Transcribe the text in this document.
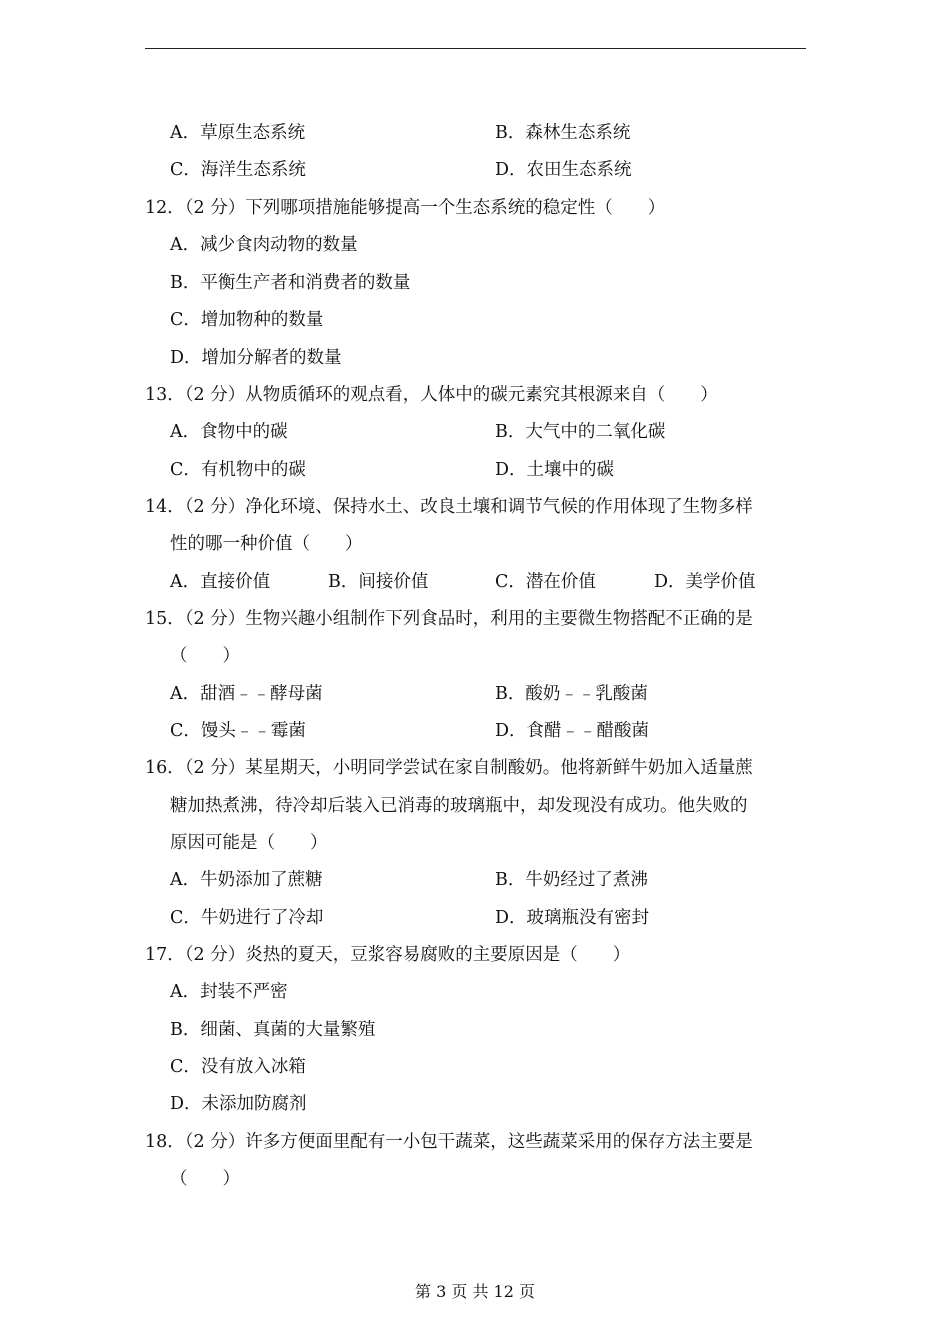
A．草原生态系统	B．森林生态系统
C．海洋生态系统	D．农田生态系统
12．（2 分）下列哪项措施能够提高一个生态系统的稳定性（　　）
A．减少食肉动物的数量
B．平衡生产者和消费者的数量
C．增加物种的数量
D．增加分解者的数量
13．（2 分）从物质循环的观点看，人体中的碳元素究其根源来自（　　）
A．食物中的碳	B．大气中的二氧化碳
C．有机物中的碳	D．土壤中的碳
14．（2 分）净化环境、保持水土、改良土壤和调节气候的作用体现了生物多样
性的哪一种价值（　　）
A．直接价值	B．间接价值	C．潜在价值	D．美学价值
15．（2 分）生物兴趣小组制作下列食品时，利用的主要微生物搭配不正确的是
（　　）
A．甜酒﹣﹣酵母菌	B．酸奶﹣﹣乳酸菌
C．馒头﹣﹣霉菌	D．食醋﹣﹣醋酸菌
16．（2 分）某星期天，小明同学尝试在家自制酸奶。他将新鲜牛奶加入适量蔗
糖加热煮沸，待冷却后装入已消毒的玻璃瓶中，却发现没有成功。他失败的
原因可能是（　　）
A．牛奶添加了蔗糖	B．牛奶经过了煮沸
C．牛奶进行了冷却	D．玻璃瓶没有密封
17．（2 分）炎热的夏天，豆浆容易腐败的主要原因是（　　）
A．封装不严密
B．细菌、真菌的大量繁殖
C．没有放入冰箱
D．未添加防腐剂
18．（2 分）许多方便面里配有一小包干蔬菜，这些蔬菜采用的保存方法主要是
（　　）
第 3 页 共 12 页
